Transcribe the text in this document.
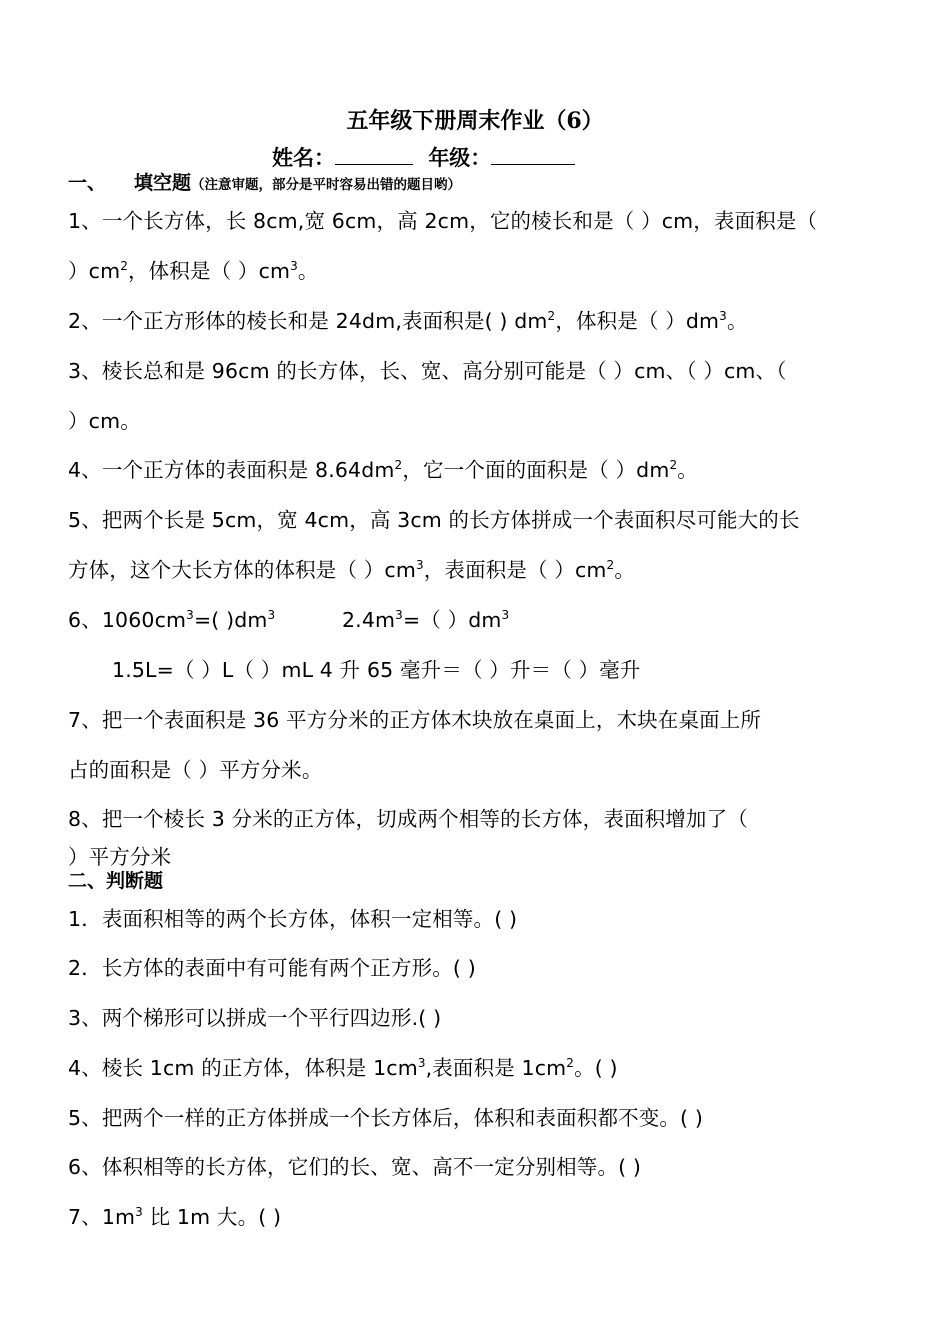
五年级下册周末作业（6）
姓名：	年级：
一、 填空题（注意审题，部分是平时容易出错的题目哟）
1、一个长方体，长 8cm,宽 6cm，高 2cm，它的棱长和是（ ）cm，表面积是（
）$cm^2$，体积是（ ）$cm^3$。
2、一个正方形体的棱长和是 24dm,表面积是( ) $dm^2$，体积是（ ）$dm^3$。
3、棱长总和是 96cm 的长方体，长、宽、高分别可能是（ ）cm、（ ）cm、（
）cm。
4、一个正方体的表面积是 $8.64dm^2$，它一个面的面积是（ ）$dm^2$。
5、把两个长是 5cm，宽 4cm，高 3cm 的长方体拼成一个表面积尽可能大的长
方体，这个大长方体的体积是（ ）$cm^3$，表面积是（ ）$cm^2$。
6、$1060cm^3=$( )$dm^3$          $2.4m^3=$（ ）$dm^3$
1.5L=（ ）L（ ）mL 4 升 65 毫升＝（ ）升＝（ ）毫升
7、把一个表面积是 36 平方分米的正方体木块放在桌面上，木块在桌面上所
占的面积是（ ）平方分米。
8、把一个棱长 3 分米的正方体，切成两个相等的长方体，表面积增加了（
）平方分米
二、判断题
1．表面积相等的两个长方体，体积一定相等。( )
2．长方体的表面中有可能有两个正方形。( )
3、两个梯形可以拼成一个平行四边形.( )
4、棱长 1cm 的正方体，体积是 $1cm^3$,表面积是 $1cm^2$。( )
5、把两个一样的正方体拼成一个长方体后，体积和表面积都不变。( )
6、体积相等的长方体，它们的长、宽、高不一定分别相等。( )
7、$1m^3$ 比 1m 大。( )
